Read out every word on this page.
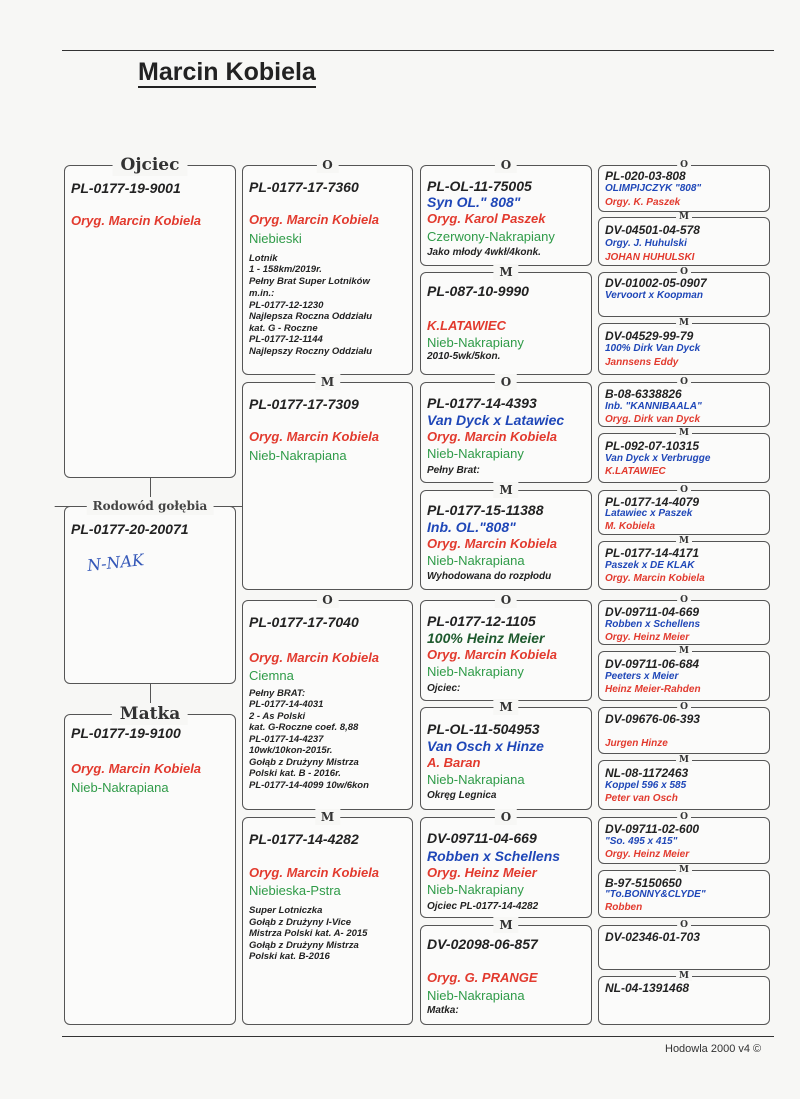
Marcin Kobiela
Ojciec
PL-0177-19-9001
Oryg. Marcin Kobiela
Rodowód gołębia
PL-0177-20-20071
N-NAK
Matka
PL-0177-19-9100
Oryg. Marcin Kobiela
Nieb-Nakrapiana
O
PL-0177-17-7360
Oryg. Marcin Kobiela
Niebieski
Lotnik
1 - 158km/2019r.
Pełny Brat Super Lotników
m.in.:
PL-0177-12-1230
Najlepsza Roczna Oddziału
kat. G - Roczne
PL-0177-12-1144
Najlepszy Roczny Oddziału
M
PL-0177-17-7309
Oryg. Marcin Kobiela
Nieb-Nakrapiana
O
PL-0177-17-7040
Oryg. Marcin Kobiela
Ciemna
Pełny BRAT:
PL-0177-14-4031
2 - As Polski
kat. G-Roczne coef. 8,88
PL-0177-14-4237
10wk/10kon-2015r.
Gołąb z Drużyny Mistrza
Polski kat. B - 2016r.
PL-0177-14-4099 10w/6kon
M
PL-0177-14-4282
Oryg. Marcin Kobiela
Niebieska-Pstra
Super Lotniczka
Gołąb z Drużyny I-Vice
Mistrza Polski kat. A- 2015
Gołąb z Drużyny Mistrza
Polski kat. B-2016
O
PL-OL-11-75005
Syn OL." 808"
Oryg. Karol Paszek
Czerwony-Nakrapiany
Jako młody 4wkł/4konk.
M
PL-087-10-9990
K.LATAWIEC
Nieb-Nakrapiany
2010-5wk/5kon.
O
PL-0177-14-4393
Van Dyck x Latawiec
Oryg. Marcin Kobiela
Nieb-Nakrapiany
Pełny Brat:
M
PL-0177-15-11388
Inb. OL."808"
Oryg. Marcin Kobiela
Nieb-Nakrapiana
Wyhodowana do rozpłodu
O
PL-0177-12-1105
100% Heinz Meier
Oryg. Marcin Kobiela
Nieb-Nakrapiany
Ojciec:
M
PL-OL-11-504953
Van Osch x Hinze
A. Baran
Nieb-Nakrapiana
Okręg Legnica
O
DV-09711-04-669
Robben x Schellens
Oryg. Heinz Meier
Nieb-Nakrapiany
Ojciec PL-0177-14-4282
M
DV-02098-06-857
Oryg. G. PRANGE
Nieb-Nakrapiana
Matka:
O
PL-020-03-808
OLIMPIJCZYK "808"
Orgy. K. Paszek
M
DV-04501-04-578
Orgy. J. Huhulski
JOHAN HUHULSKI
O
DV-01002-05-0907
Vervoort x Koopman
M
DV-04529-99-79
100% Dirk Van Dyck
Jannsens Eddy
O
B-08-6338826
Inb. "KANNIBAALA"
Oryg. Dirk van Dyck
M
PL-092-07-10315
Van Dyck x Verbrugge
K.LATAWIEC
O
PL-0177-14-4079
Latawiec x Paszek
M. Kobiela
M
PL-0177-14-4171
Paszek x DE KLAK
Orgy. Marcin Kobiela
O
DV-09711-04-669
Robben x Schellens
Orgy. Heinz Meier
M
DV-09711-06-684
Peeters x Meier
Heinz Meier-Rahden
O
DV-09676-06-393
Jurgen Hinze
M
NL-08-1172463
Koppel 596 x 585
Peter van Osch
O
DV-09711-02-600
"So. 495 x 415"
Orgy. Heinz Meier
M
B-97-5150650
"To.BONNY&CLYDE"
Robben
O
DV-02346-01-703
M
NL-04-1391468
Hodowla 2000 v4 ©
